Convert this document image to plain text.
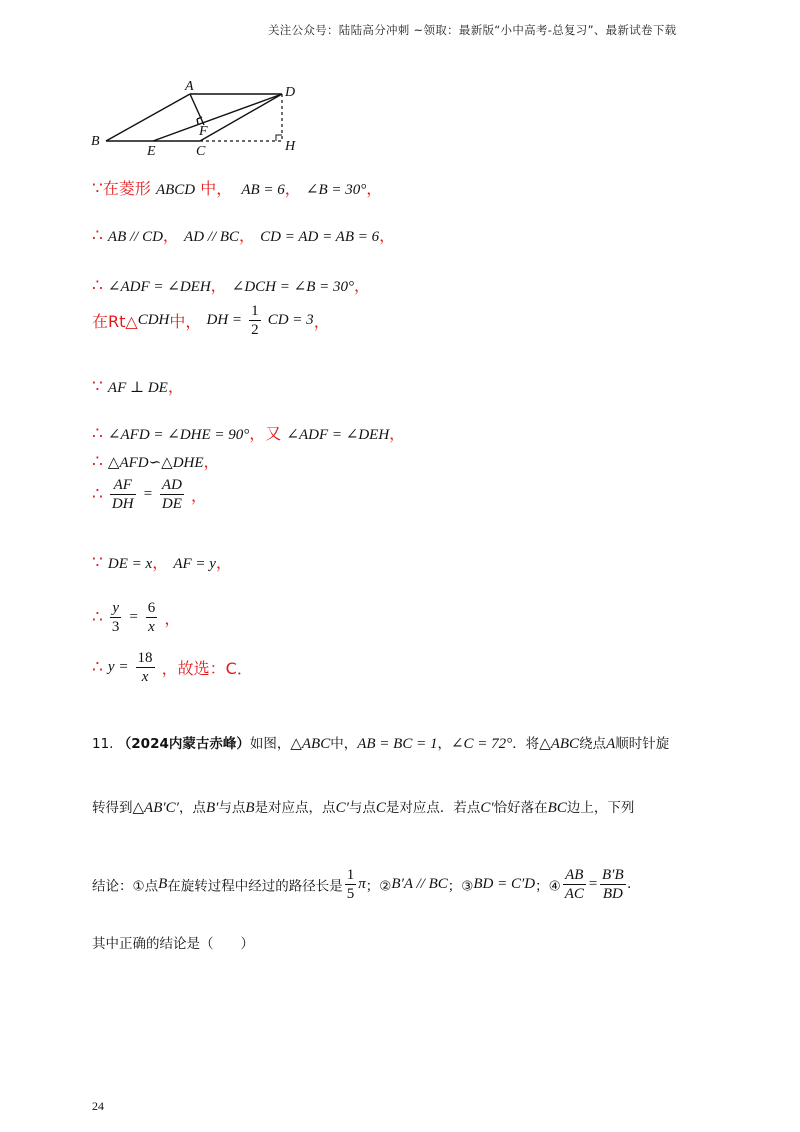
关注公众号：陆陆高分冲刺 ~领取：最新版“小中高考-总复习”、最新试卷下载
A	D
B
E
F
C	H
∵在菱形 ABCD 中， AB = 6， ∠B = 30°，
∴ AB // CD， AD // BC， CD = AD = AB = 6，
∴ ∠ADF = ∠DEH， ∠DCH = ∠B = 30°，
在Rt△CDH中， DH = $\frac{1}{2}$ CD = 3，
∵ AF ⊥ DE，
∴ ∠AFD = ∠DHE = 90°，又 ∠ADF = ∠DEH，
∴ △AFD∽△DHE，
∴ $\frac{AF}{DH} = \frac{AD}{DE}$ ，
∵ DE = x， AF = y，
∴ $\frac{y}{3} = \frac{6}{x}$ ，
∴ $y = \frac{18}{x}$ ，故选：C．
11. （2024内蒙古赤峰）如图，△ABC中，AB = BC = 1，∠C = 72°．将△ABC绕点A顺时针旋
转得到△AB′C′，点B′与点B是对应点，点C′与点C是对应点．若点C′恰好落在BC边上，下列
结论：①点B在旋转过程中经过的路径长是 $\frac{1}{5}$ π；②B′A // BC；③BD = C′D；④ $\frac{AB}{AC} = \frac{B'B}{BD}$ .
其中正确的结论是（　　）
24
